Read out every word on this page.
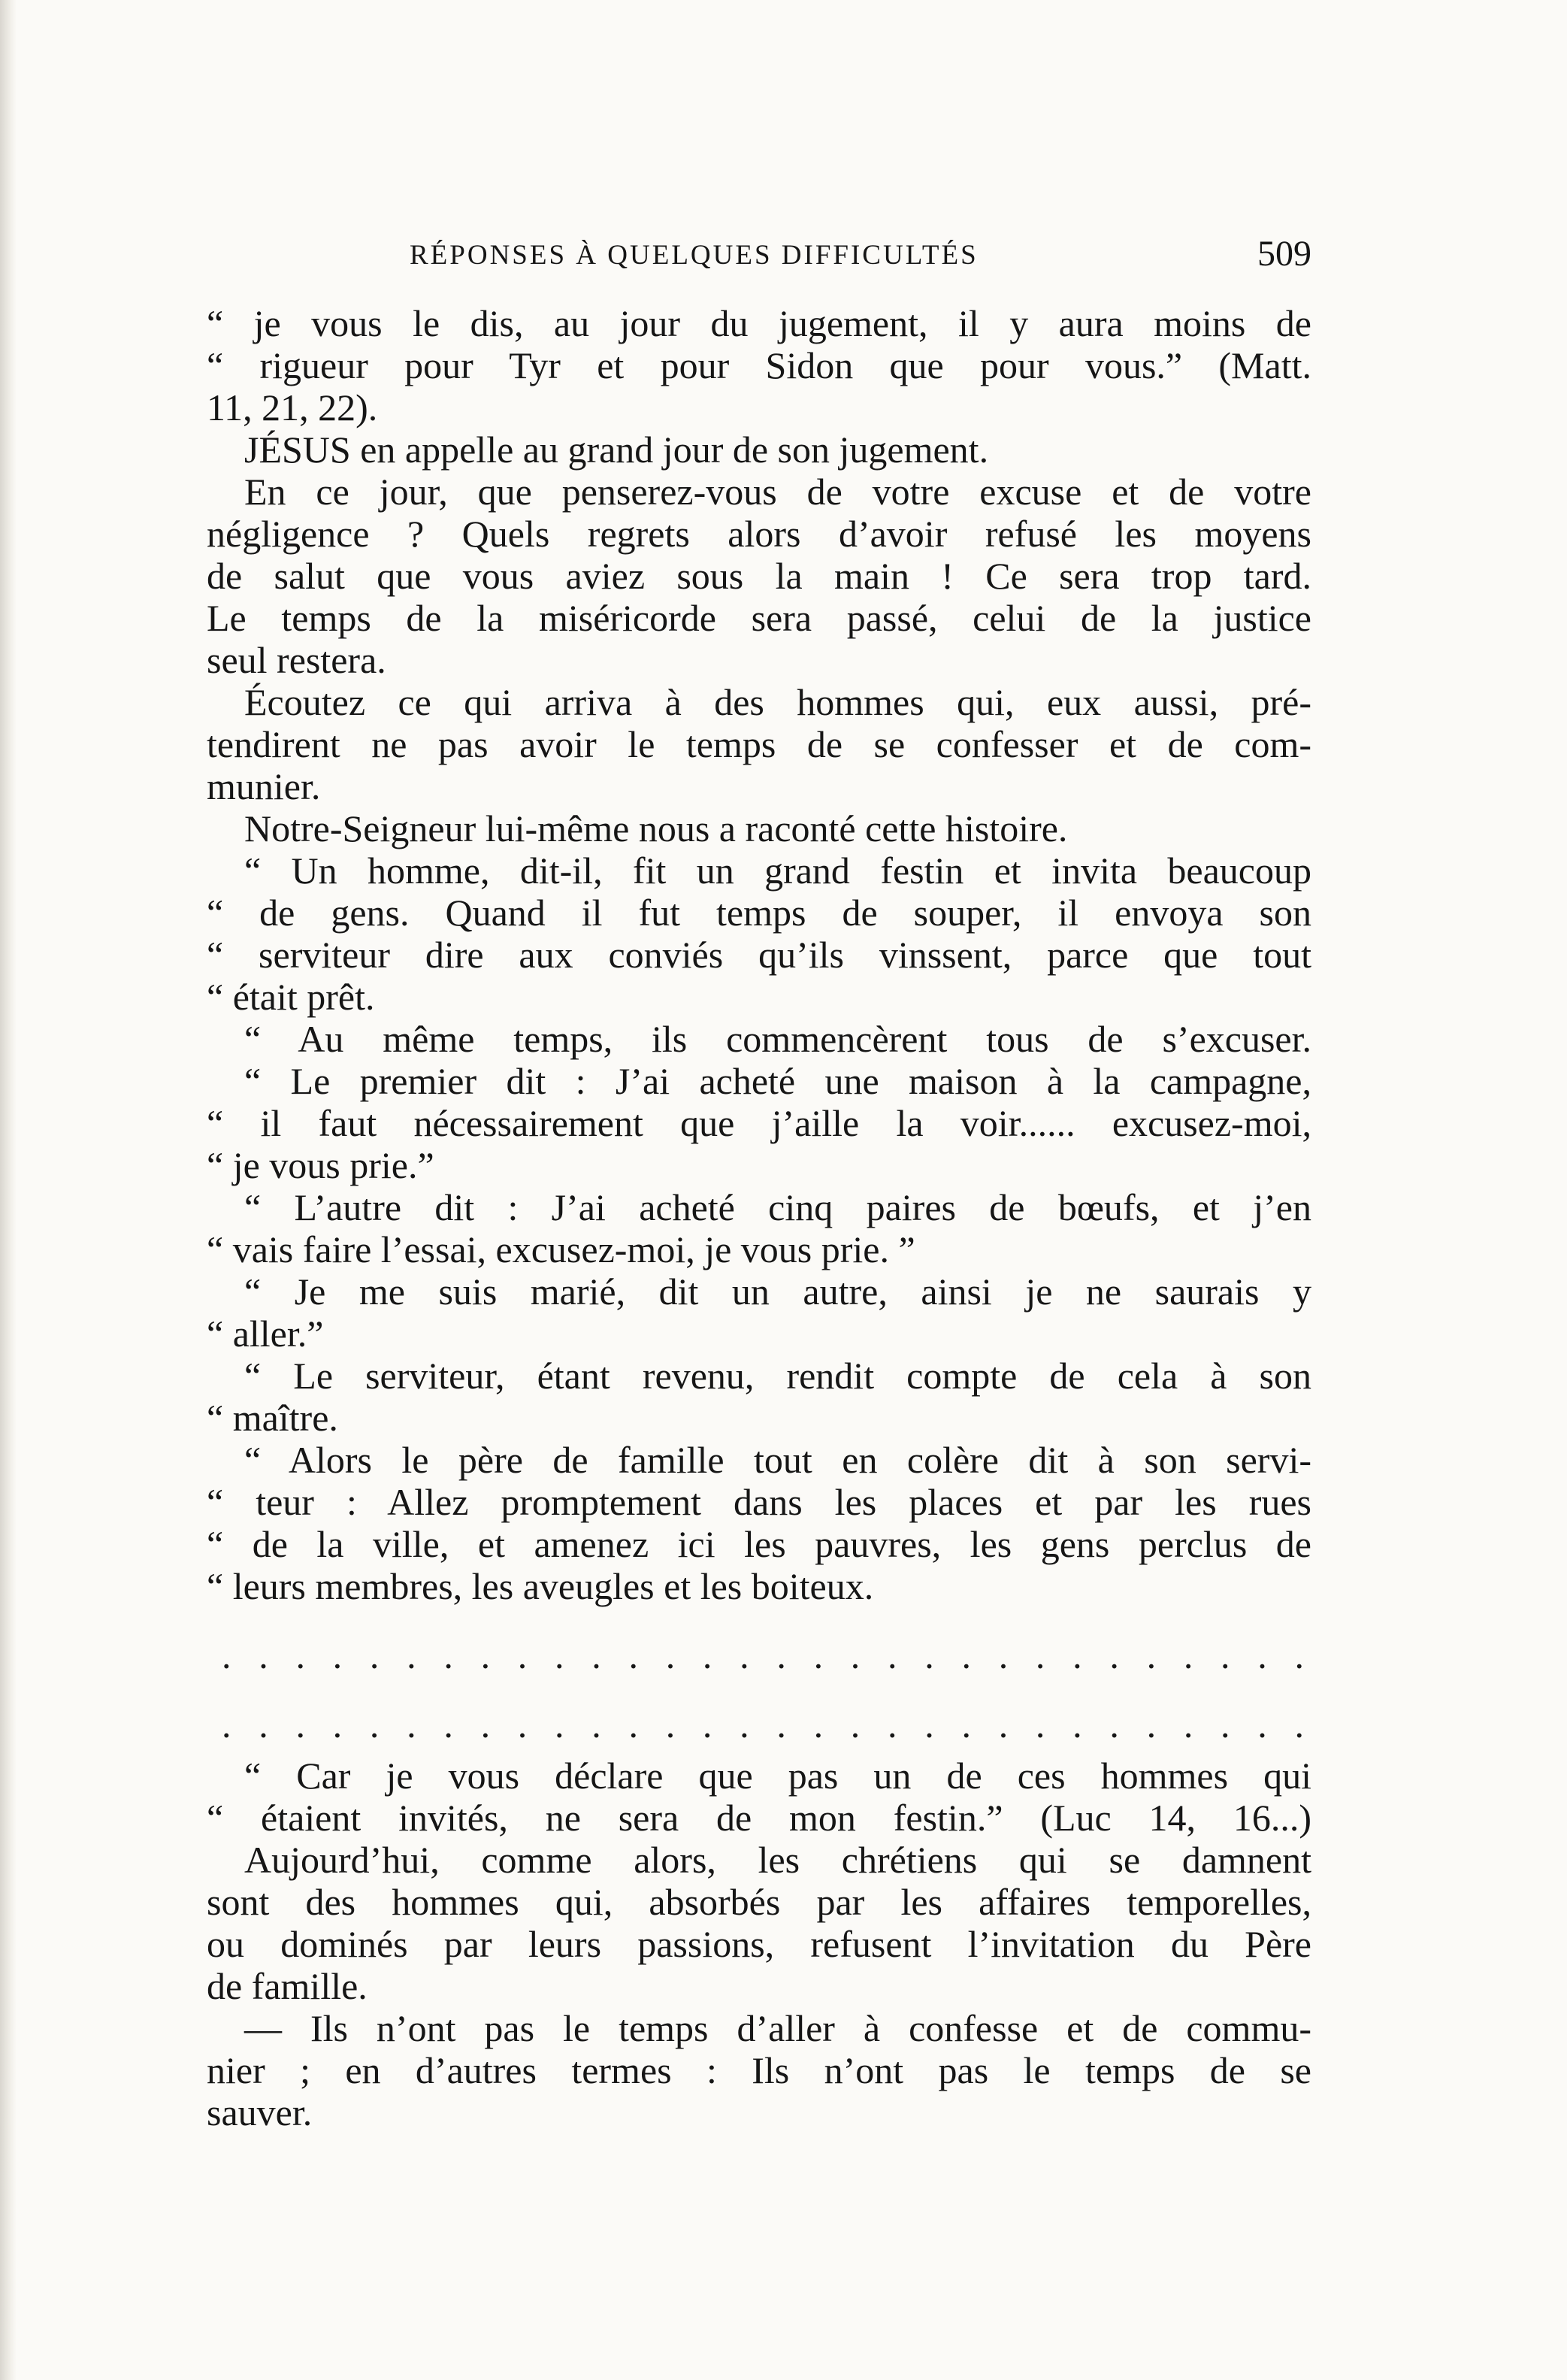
RÉPONSES À QUELQUES DIFFICULTÉS	509

“ je vous le dis, au jour du jugement, il y aura moins de

“ rigueur pour Tyr et pour Sidon que pour vous.” (Matt.

11, 21, 22).

JÉSUS en appelle au grand jour de son jugement.

En ce jour, que penserez-vous de votre excuse et de votre

négligence ? Quels regrets alors d’avoir refusé les moyens

de salut que vous aviez sous la main ! Ce sera trop tard.

Le temps de la miséricorde sera passé, celui de la justice

seul restera.

Écoutez ce qui arriva à des hommes qui, eux aussi, pré-

tendirent ne pas avoir le temps de se confesser et de com-

munier.

Notre-Seigneur lui-même nous a raconté cette histoire.

“ Un homme, dit-il, fit un grand festin et invita beaucoup

“ de gens. Quand il fut temps de souper, il envoya son

“ serviteur dire aux conviés qu’ils vinssent, parce que tout

“ était prêt.

“ Au même temps, ils commencèrent tous de s’excuser.

“ Le premier dit : J’ai acheté une maison à la campagne,

“ il faut nécessairement que j’aille la voir...... excusez-moi,

“ je vous prie.”

“ L’autre dit : J’ai acheté cinq paires de bœufs, et j’en

“ vais faire l’essai, excusez-moi, je vous prie. ”

“ Je me suis marié, dit un autre, ainsi je ne saurais y

“ aller.”

“ Le serviteur, étant revenu, rendit compte de cela à son

“ maître.

“ Alors le père de famille tout en colère dit à son servi-

“ teur : Allez promptement dans les places et par les rues

“ de la ville, et amenez ici les pauvres, les gens perclus de

“ leurs membres, les aveugles et les boiteux.

. . . . . . . . . . . . . . . . . . . . . . . . . . . . . .

. . . . . . . . . . . . . . . . . . . . . . . . . . . . . .

“ Car je vous déclare que pas un de ces hommes qui

“ étaient invités, ne sera de mon festin.” (Luc 14, 16...)

Aujourd’hui, comme alors, les chrétiens qui se damnent

sont des hommes qui, absorbés par les affaires temporelles,

ou dominés par leurs passions, refusent l’invitation du Père

de famille.

— Ils n’ont pas le temps d’aller à confesse et de commu-

nier ; en d’autres termes : Ils n’ont pas le temps de se

sauver.
